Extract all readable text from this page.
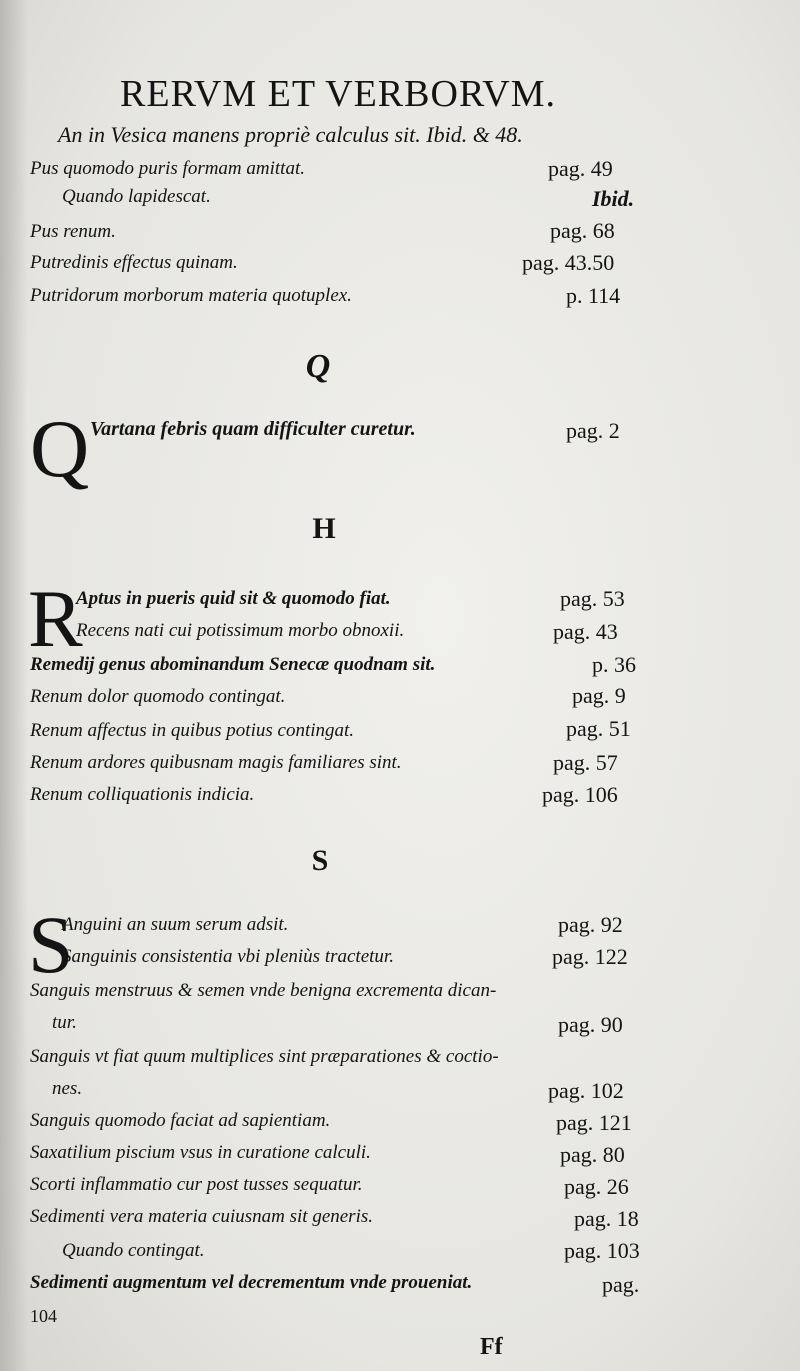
RERVM ET VERBORVM.
An in Vesica manens propriè calculus sit. Ibid. & 48.
Pus quomodo puris formam amittat.	pag. 49
Quando lapidescat.	Ibid.
Pus renum.	pag. 68
Putredinis effectus quinam.	pag. 43.50
Putridorum morborum materia quotuplex.	p. 114
Q
Q Vartana febris quam difficulter curetur.	pag. 2
H
R
Aptus in pueris quid sit & quomodo fiat.	pag. 53
Recens nati cui potissimum morbo obnoxii.	pag. 43
Remedij genus abominandum Senecæ quodnam sit.	p. 36
Renum dolor quomodo contingat.	pag. 9
Renum affectus in quibus potius contingat.	pag. 51
Renum ardores quibusnam magis familiares sint.	pag. 57
Renum colliquationis indicia.	pag. 106
S
S
Anguini an suum serum adsit.	pag. 92
Sanguinis consistentia vbi pleniùs tractetur.	pag. 122
Sanguis menstruus & semen vnde benigna excrementa dican-
tur.	pag. 90
Sanguis vt fiat quum multiplices sint præparationes & coctio-
nes.	pag. 102
Sanguis quomodo faciat ad sapientiam.	pag. 121
Saxatilium piscium vsus in curatione calculi.	pag. 80
Scorti inflammatio cur post tusses sequatur.	pag. 26
Sedimenti vera materia cuiusnam sit generis.	pag. 18
Quando contingat.	pag. 103
Sedimenti augmentum vel decrementum vnde proueniat.	pag.
104
Ff
